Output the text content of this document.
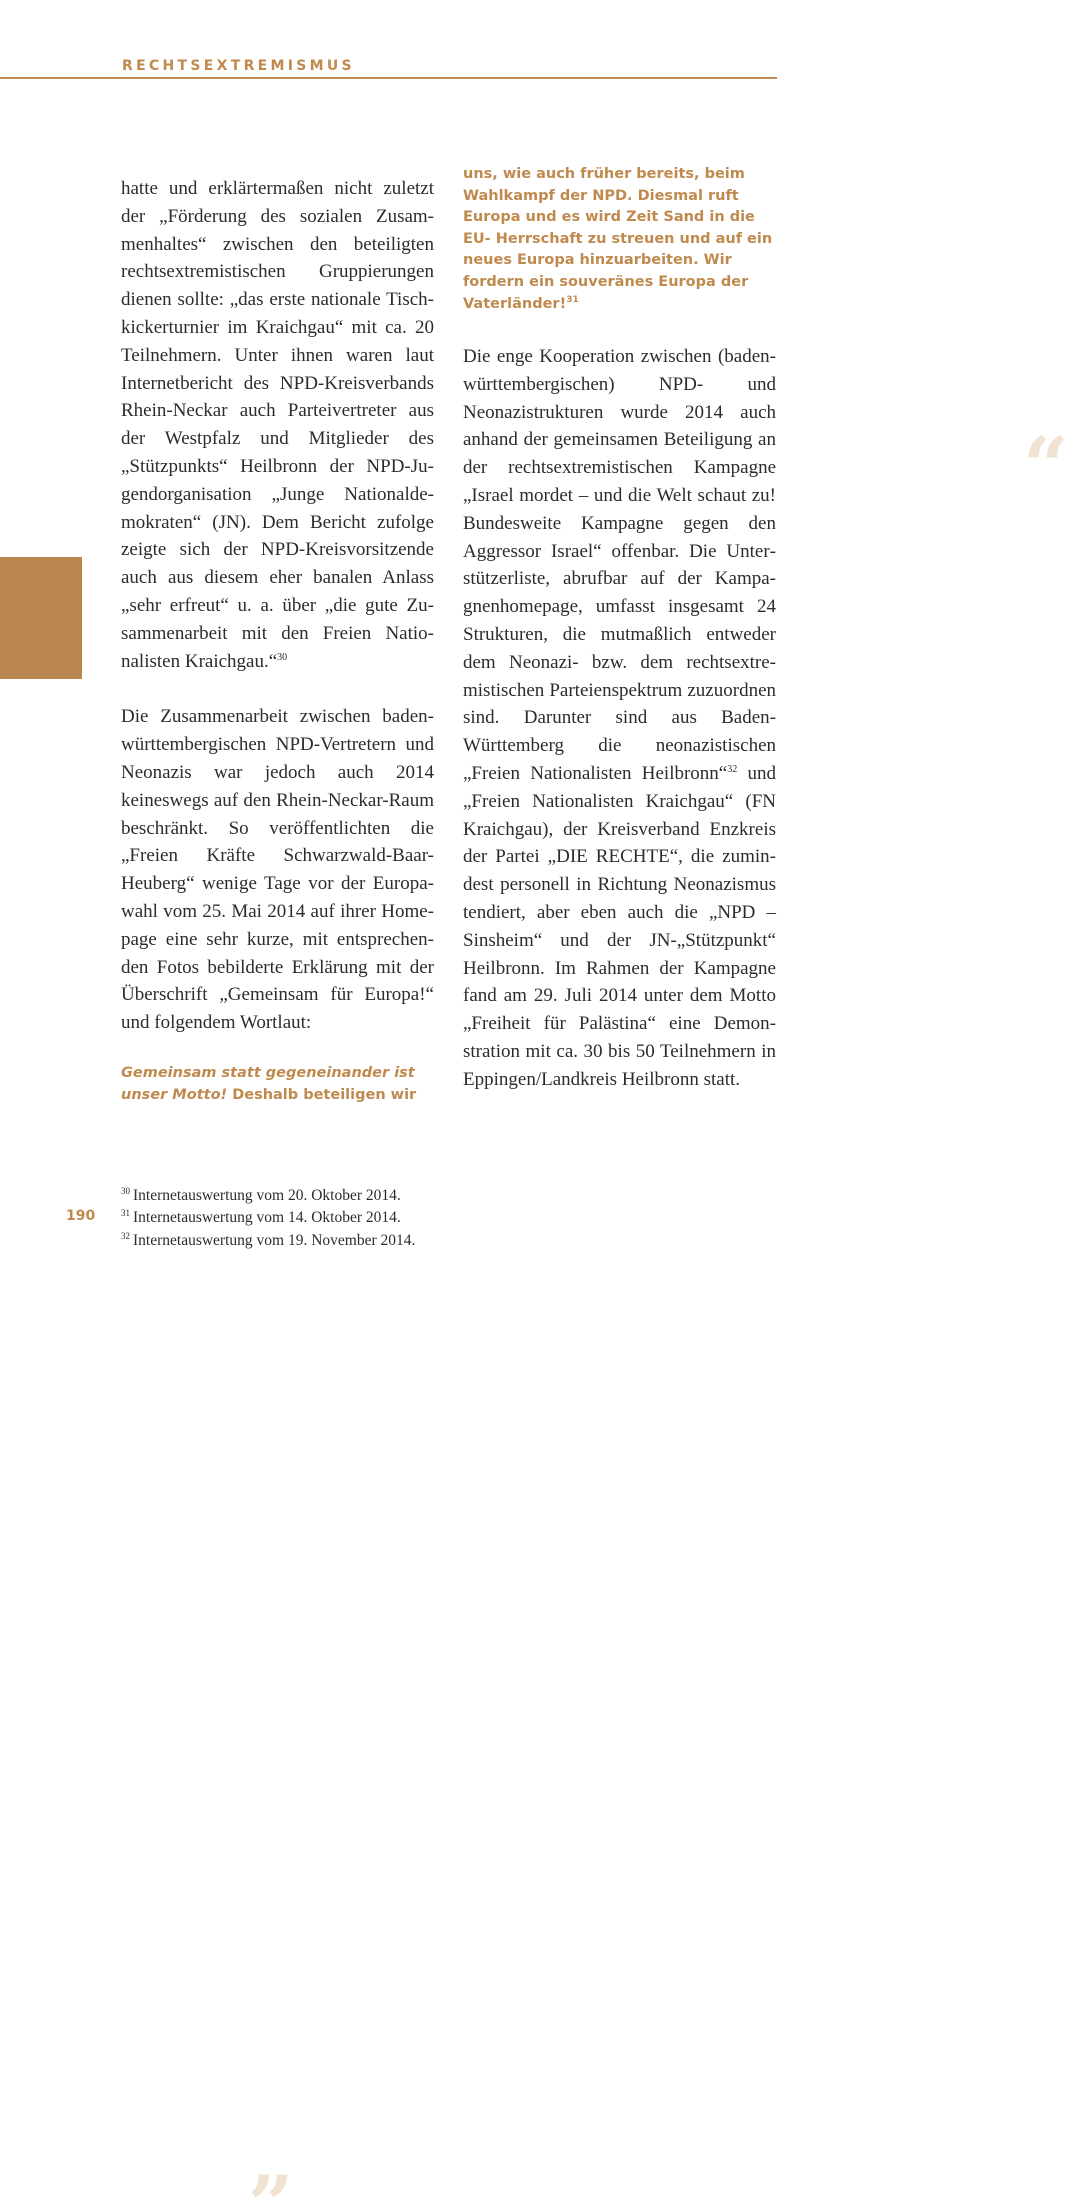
RECHTSEXTREMISMUS
“
uns, wie auch früher bereits, beim Wahlkampf der NPD. Diesmal ruft Europa und es wird Zeit Sand in die EU- Herrschaft zu streuen und auf ein neues Europa hinzuarbeiten. Wir fordern ein souveränes Europa der Vaterländer!$^{31}$

hatte und erklärtermaßen nicht zuletzt der „Förderung des sozialen Zusammenhaltes“ zwischen den beteiligten rechtsextremistischen Gruppierungen dienen sollte: „das erste nationale Tischkickerturnier im Kraichgau“ mit ca. 20 Teilnehmern. Unter ihnen waren laut Internetbericht des NPD-Kreisverbands Rhein-Neckar auch Parteivertreter aus der Westpfalz und Mitglieder des „Stützpunkts“ Heilbronn der NPD-Jugendorganisation „Junge Nationaldemokraten“ (JN). Dem Bericht zufolge zeigte sich der NPD-Kreisvorsitzende auch aus diesem eher banalen Anlass „sehr erfreut“ u. a. über „die gute Zusammenarbeit mit den Freien Nationalisten Kraichgau.“$^{30}$

Die Zusammenarbeit zwischen baden-württembergischen NPD-Vertretern und Neonazis war jedoch auch 2014 keineswegs auf den Rhein-Neckar-Raum beschränkt. So veröffentlichten die „Freien Kräfte Schwarzwald-Baar-Heuberg“ wenige Tage vor der Europawahl vom 25. Mai 2014 auf ihrer Homepage eine sehr kurze, mit entsprechenden Fotos bebilderte Erklärung mit der Überschrift „Gemeinsam für Europa!“ und folgendem Wortlaut:

„
Gemeinsam statt gegeneinander ist unser Motto! Deshalb beteiligen wir

Die enge Kooperation zwischen (baden-württembergischen) NPD- und Neonazistrukturen wurde 2014 auch anhand der gemeinsamen Beteiligung an der rechtsextremistischen Kampagne „Israel mordet – und die Welt schaut zu! Bundesweite Kampagne gegen den Aggressor Israel“ offenbar. Die Unterstützerliste, abrufbar auf der Kampagnenhomepage, umfasst insgesamt 24 Strukturen, die mutmaßlich entweder dem Neonazi- bzw. dem rechtsextremistischen Parteienspektrum zuzuordnen sind. Darunter sind aus Baden-Württemberg die neonazistischen „Freien Nationalisten Heilbronn“$^{32}$ und „Freien Nationalisten Kraichgau“ (FN Kraichgau), der Kreisverband Enzkreis der Partei „DIE RECHTE“, die zumindest personell in Richtung Neonazismus tendiert, aber eben auch die „NPD – Sinsheim“ und der JN-„Stützpunkt“ Heilbronn. Im Rahmen der Kampagne fand am 29. Juli 2014 unter dem Motto „Freiheit für Palästina“ eine Demonstration mit ca. 30 bis 50 Teilnehmern in Eppingen/Landkreis Heilbronn statt.

190
$^{30}$ Internetauswertung vom 20. Oktober 2014.
$^{31}$ Internetauswertung vom 14. Oktober 2014.
$^{32}$ Internetauswertung vom 19. November 2014.
